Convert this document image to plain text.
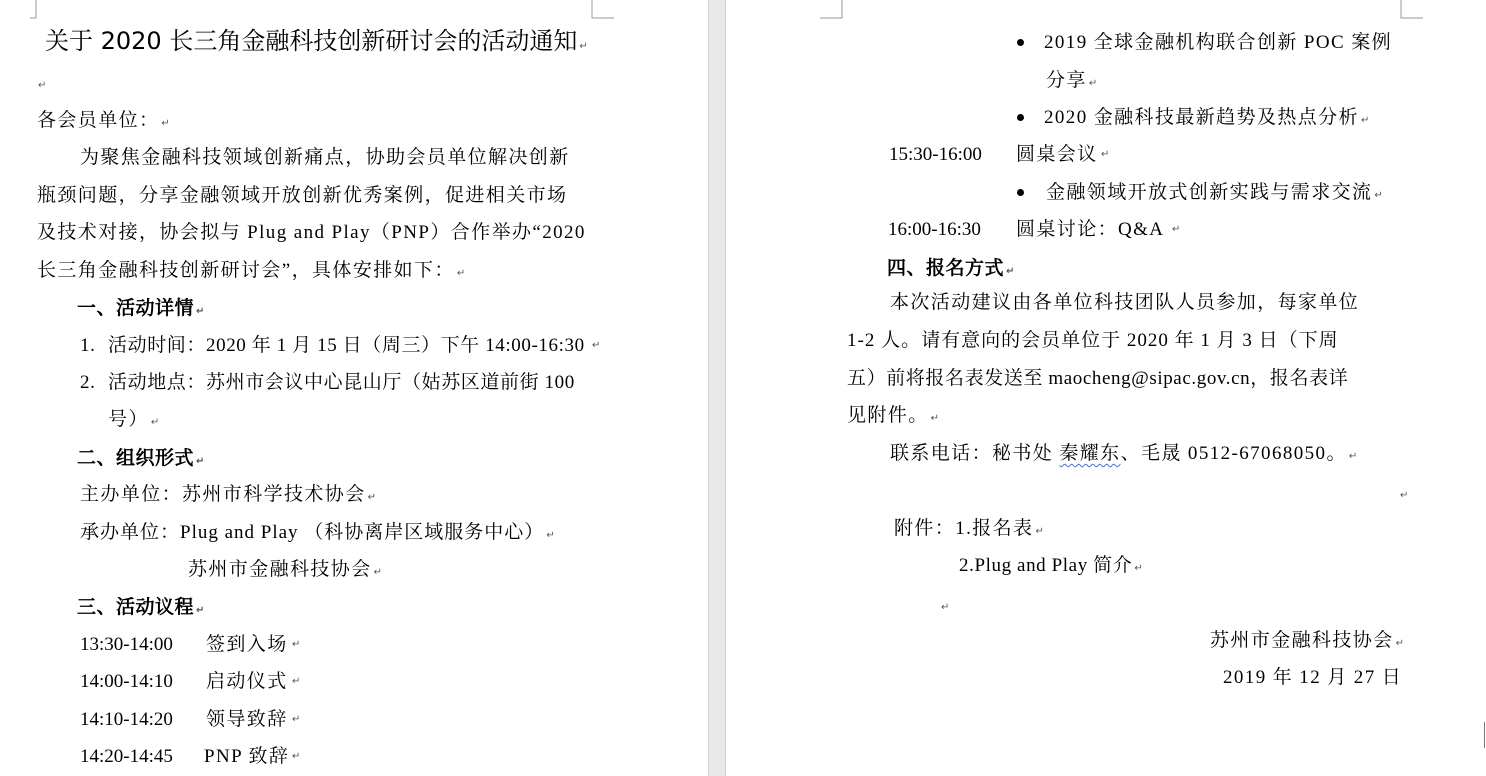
关于 2020 长三角金融科技创新研讨会的活动通知 ↵
↵
各会员单位： ↵
为聚焦金融科技领域创新痛点，协助会员单位解决创新
瓶颈问题，分享金融领域开放创新优秀案例，促进相关市场
及技术对接，协会拟与 Plug and Play（PNP）合作举办“2020
长三角金融科技创新研讨会”，具体安排如下： ↵
一、活动详情 ↵
1. 活动时间：2020 年 1 月 15 日（周三）下午 14:00-16:30 ↵
2. 活动地点：苏州市会议中心昆山厅（姑苏区道前街 100
号） ↵
二、组织形式 ↵
主办单位：苏州市科学技术协会 ↵
承办单位：Plug and Play （科协离岸区域服务中心） ↵
苏州市金融科技协会 ↵
三、活动议程 ↵
13:30-14:00 签到入场 ↵
14:00-14:10 启动仪式 ↵
14:10-14:20 领导致辞 ↵
14:20-14:45 PNP 致辞 ↵
2019 全球金融机构联合创新 POC 案例
分享 ↵
2020 金融科技最新趋势及热点分析 ↵
15:30-16:00 圆桌会议 ↵
金融领域开放式创新实践与需求交流 ↵
16:00-16:30 圆桌讨论：Q&A ↵
四、报名方式 ↵
本次活动建议由各单位科技团队人员参加，每家单位
1-2 人。请有意向的会员单位于 2020 年 1 月 3 日（下周
五）前将报名表发送至 maocheng@sipac.gov.cn，报名表详
见附件。 ↵
联系电话：秘书处 秦耀东、毛晟 0512-67068050。 ↵
↵
附件：1.报名表 ↵
2.Plug and Play 简介 ↵
↵
苏州市金融科技协会 ↵
2019 年 12 月 27 日
